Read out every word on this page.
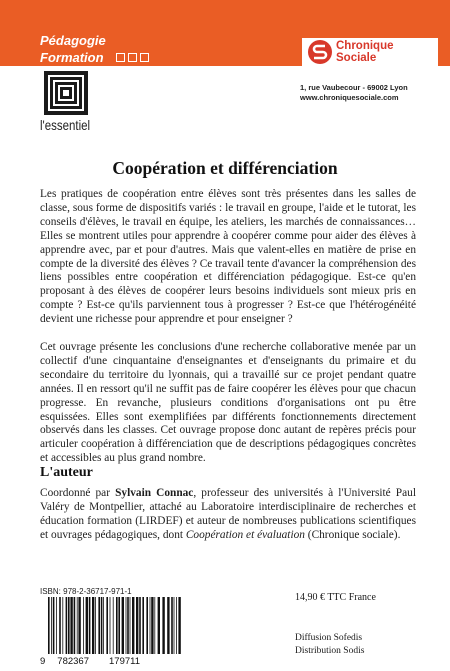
Pédagogie
Formation
Chronique
Sociale
1, rue Vaubecour - 69002 Lyon
www.chroniquesociale.com
l'essentiel
Coopération et différenciation
Les pratiques de coopération entre élèves sont très présentes dans les salles de classe, sous forme de dispositifs variés : le travail en groupe, l'aide et le tutorat, les conseils d'élèves, le travail en équipe, les ateliers, les marchés de connaissances… Elles se montrent utiles pour apprendre à coopérer comme pour aider des élèves à apprendre avec, par et pour d'autres. Mais que valent-elles en matière de prise en compte de la diversité des élèves ? Ce travail tente d'avancer la compréhension des liens possibles entre coopération et différenciation pédagogique. Est-ce qu'en proposant à des élèves de coopérer leurs besoins individuels sont mieux pris en compte ? Est-ce qu'ils parviennent tous à progresser ? Est-ce que l'hétérogénéité devient une richesse pour apprendre et pour enseigner ?
Cet ouvrage présente les conclusions d'une recherche collaborative menée par un collectif d'une cinquantaine d'enseignantes et d'enseignants du primaire et du secondaire du territoire du lyonnais, qui a travaillé sur ce projet pendant quatre années. Il en ressort qu'il ne suffit pas de faire coopérer les élèves pour que chacun progresse. En revanche, plusieurs conditions d'organisations ont pu être esquissées. Elles sont exemplifiées par différents fonctionnements directement observés dans les classes. Cet ouvrage propose donc autant de repères précis pour articuler coopération à différenciation que de descriptions pédagogiques concrètes et accessibles au plus grand nombre.
L'auteur
Coordonné par Sylvain Connac, professeur des universités à l'Université Paul Valéry de Montpellier, attaché au Laboratoire interdisciplinaire de recherches et éducation formation (LIRDEF) et auteur de nombreuses publications scientifiques et ouvrages pédagogiques, dont Coopération et évaluation (Chronique sociale).
ISBN: 978-2-36717-971-1
9 782367 179711
14,90 € TTC France
Diffusion Sofedis
Distribution Sodis
